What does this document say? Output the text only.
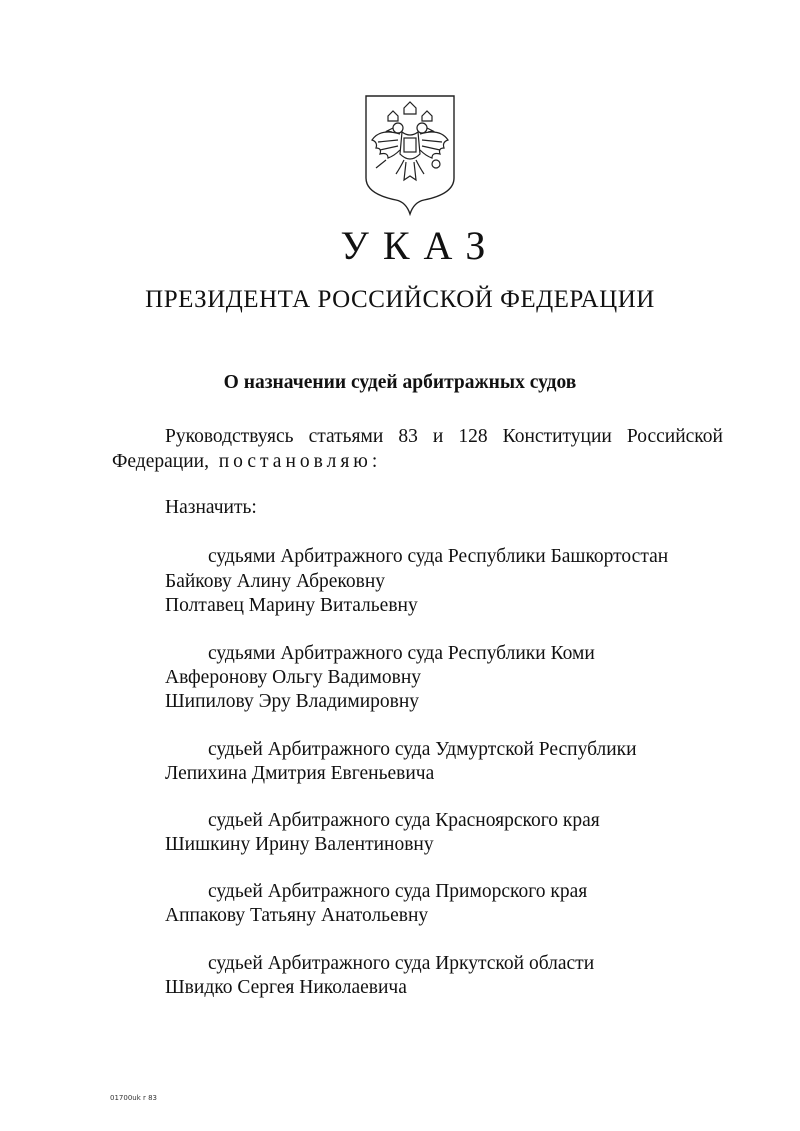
УКАЗ
ПРЕЗИДЕНТА РОССИЙСКОЙ ФЕДЕРАЦИИ
О назначении судей арбитражных судов
Руководствуясь статьями 83 и 128 Конституции Российской
Федерации, постановляю:
Назначить:
судьями Арбитражного суда Республики Башкортостан
Байкову Алину Абрековну
Полтавец Марину Витальевну
судьями Арбитражного суда Республики Коми
Авферонову Ольгу Вадимовну
Шипилову Эру Владимировну
судьей Арбитражного суда Удмуртской Республики
Лепихина Дмитрия Евгеньевича
судьей Арбитражного суда Красноярского края
Шишкину Ирину Валентиновну
судьей Арбитражного суда Приморского края
Аппакову Татьяну Анатольевну
судьей Арбитражного суда Иркутской области
Швидко Сергея Николаевича
01700uk r 83
